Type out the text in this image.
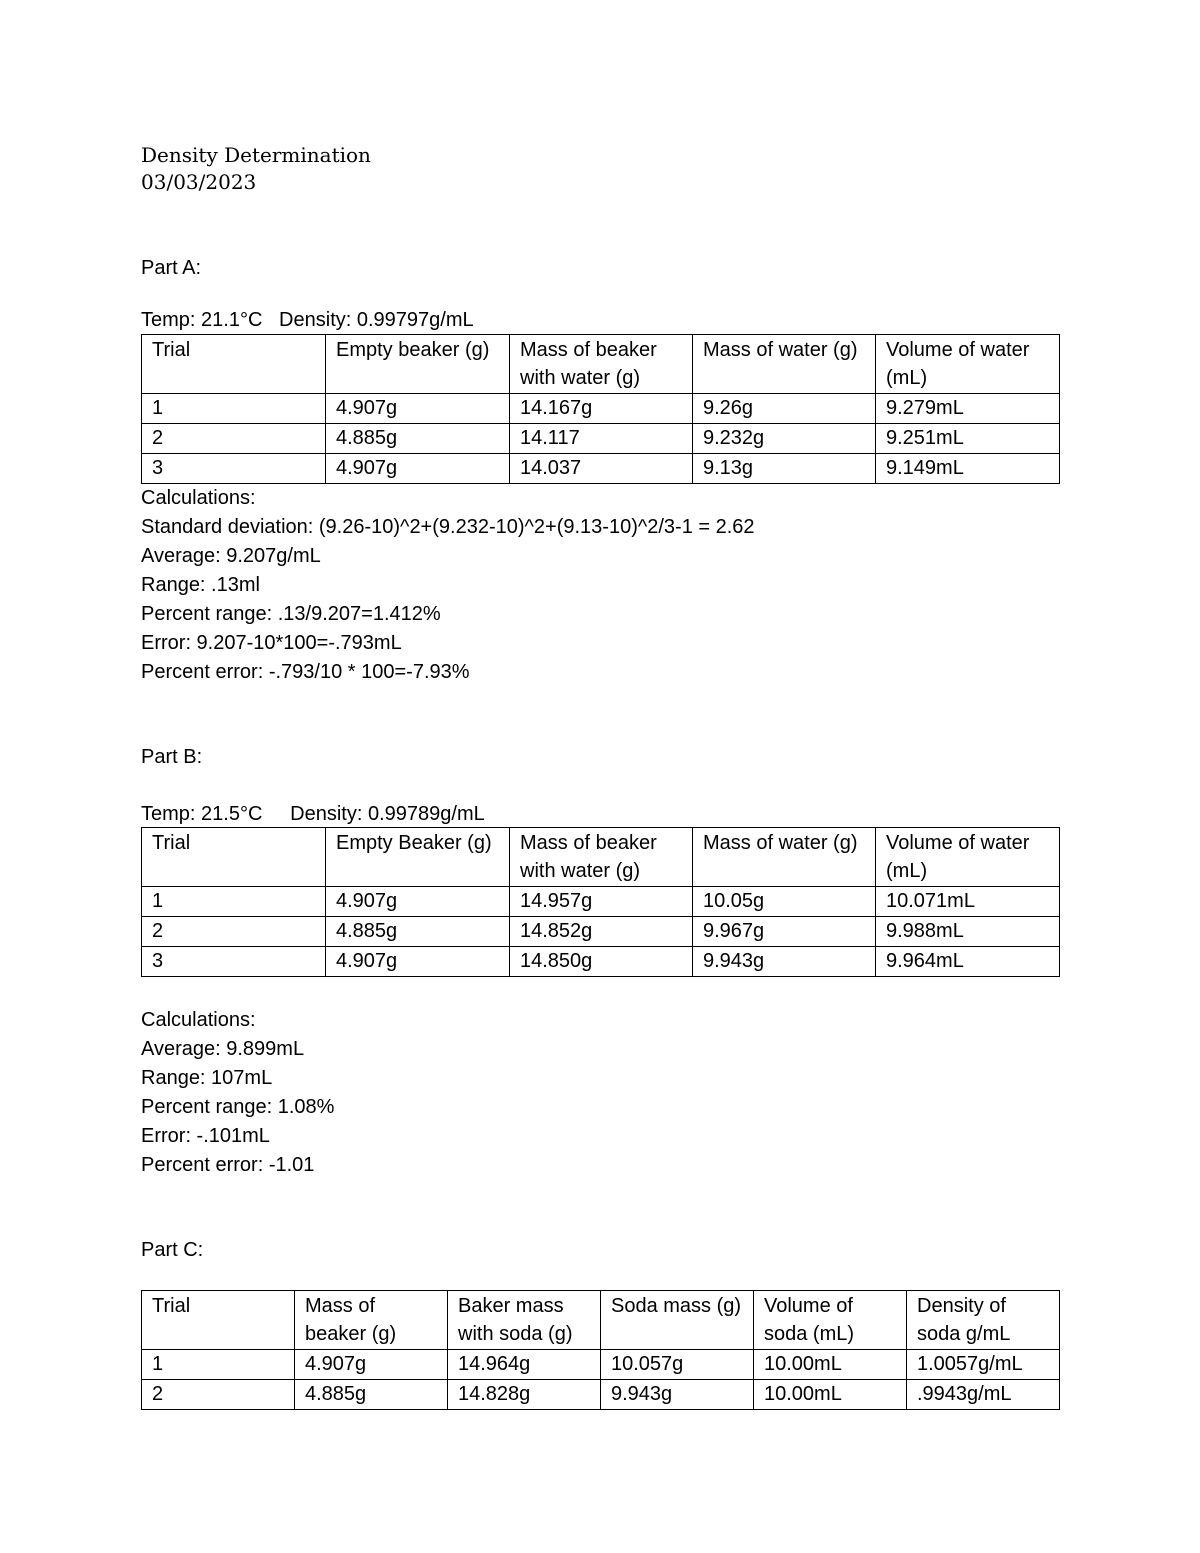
Density Determination
03/03/2023
Part A:
Temp: 21.1°C   Density: 0.99797g/mL
Trial	Empty beaker (g)	Mass of beaker with water (g)	Mass of water (g)	Volume of water (mL)
1	4.907g	14.167g	9.26g	9.279mL
2	4.885g	14.117	9.232g	9.251mL
3	4.907g	14.037	9.13g	9.149mL
Calculations:
Standard deviation: (9.26-10)^2+(9.232-10)^2+(9.13-10)^2/3-1 = 2.62
Average: 9.207g/mL
Range: .13ml
Percent range: .13/9.207=1.412%
Error: 9.207-10*100=-.793mL
Percent error: -.793/10 * 100=-7.93%
Part B:
Temp: 21.5°C     Density: 0.99789g/mL
Trial	Empty Beaker (g)	Mass of beaker with water (g)	Mass of water (g)	Volume of water (mL)
1	4.907g	14.957g	10.05g	10.071mL
2	4.885g	14.852g	9.967g	9.988mL
3	4.907g	14.850g	9.943g	9.964mL
Calculations:
Average: 9.899mL
Range: 107mL
Percent range: 1.08%
Error: -.101mL
Percent error: -1.01
Part C:
Trial	Mass of beaker (g)	Baker mass with soda (g)	Soda mass (g)	Volume of soda (mL)	Density of soda g/mL
1	4.907g	14.964g	10.057g	10.00mL	1.0057g/mL
2	4.885g	14.828g	9.943g	10.00mL	.9943g/mL
